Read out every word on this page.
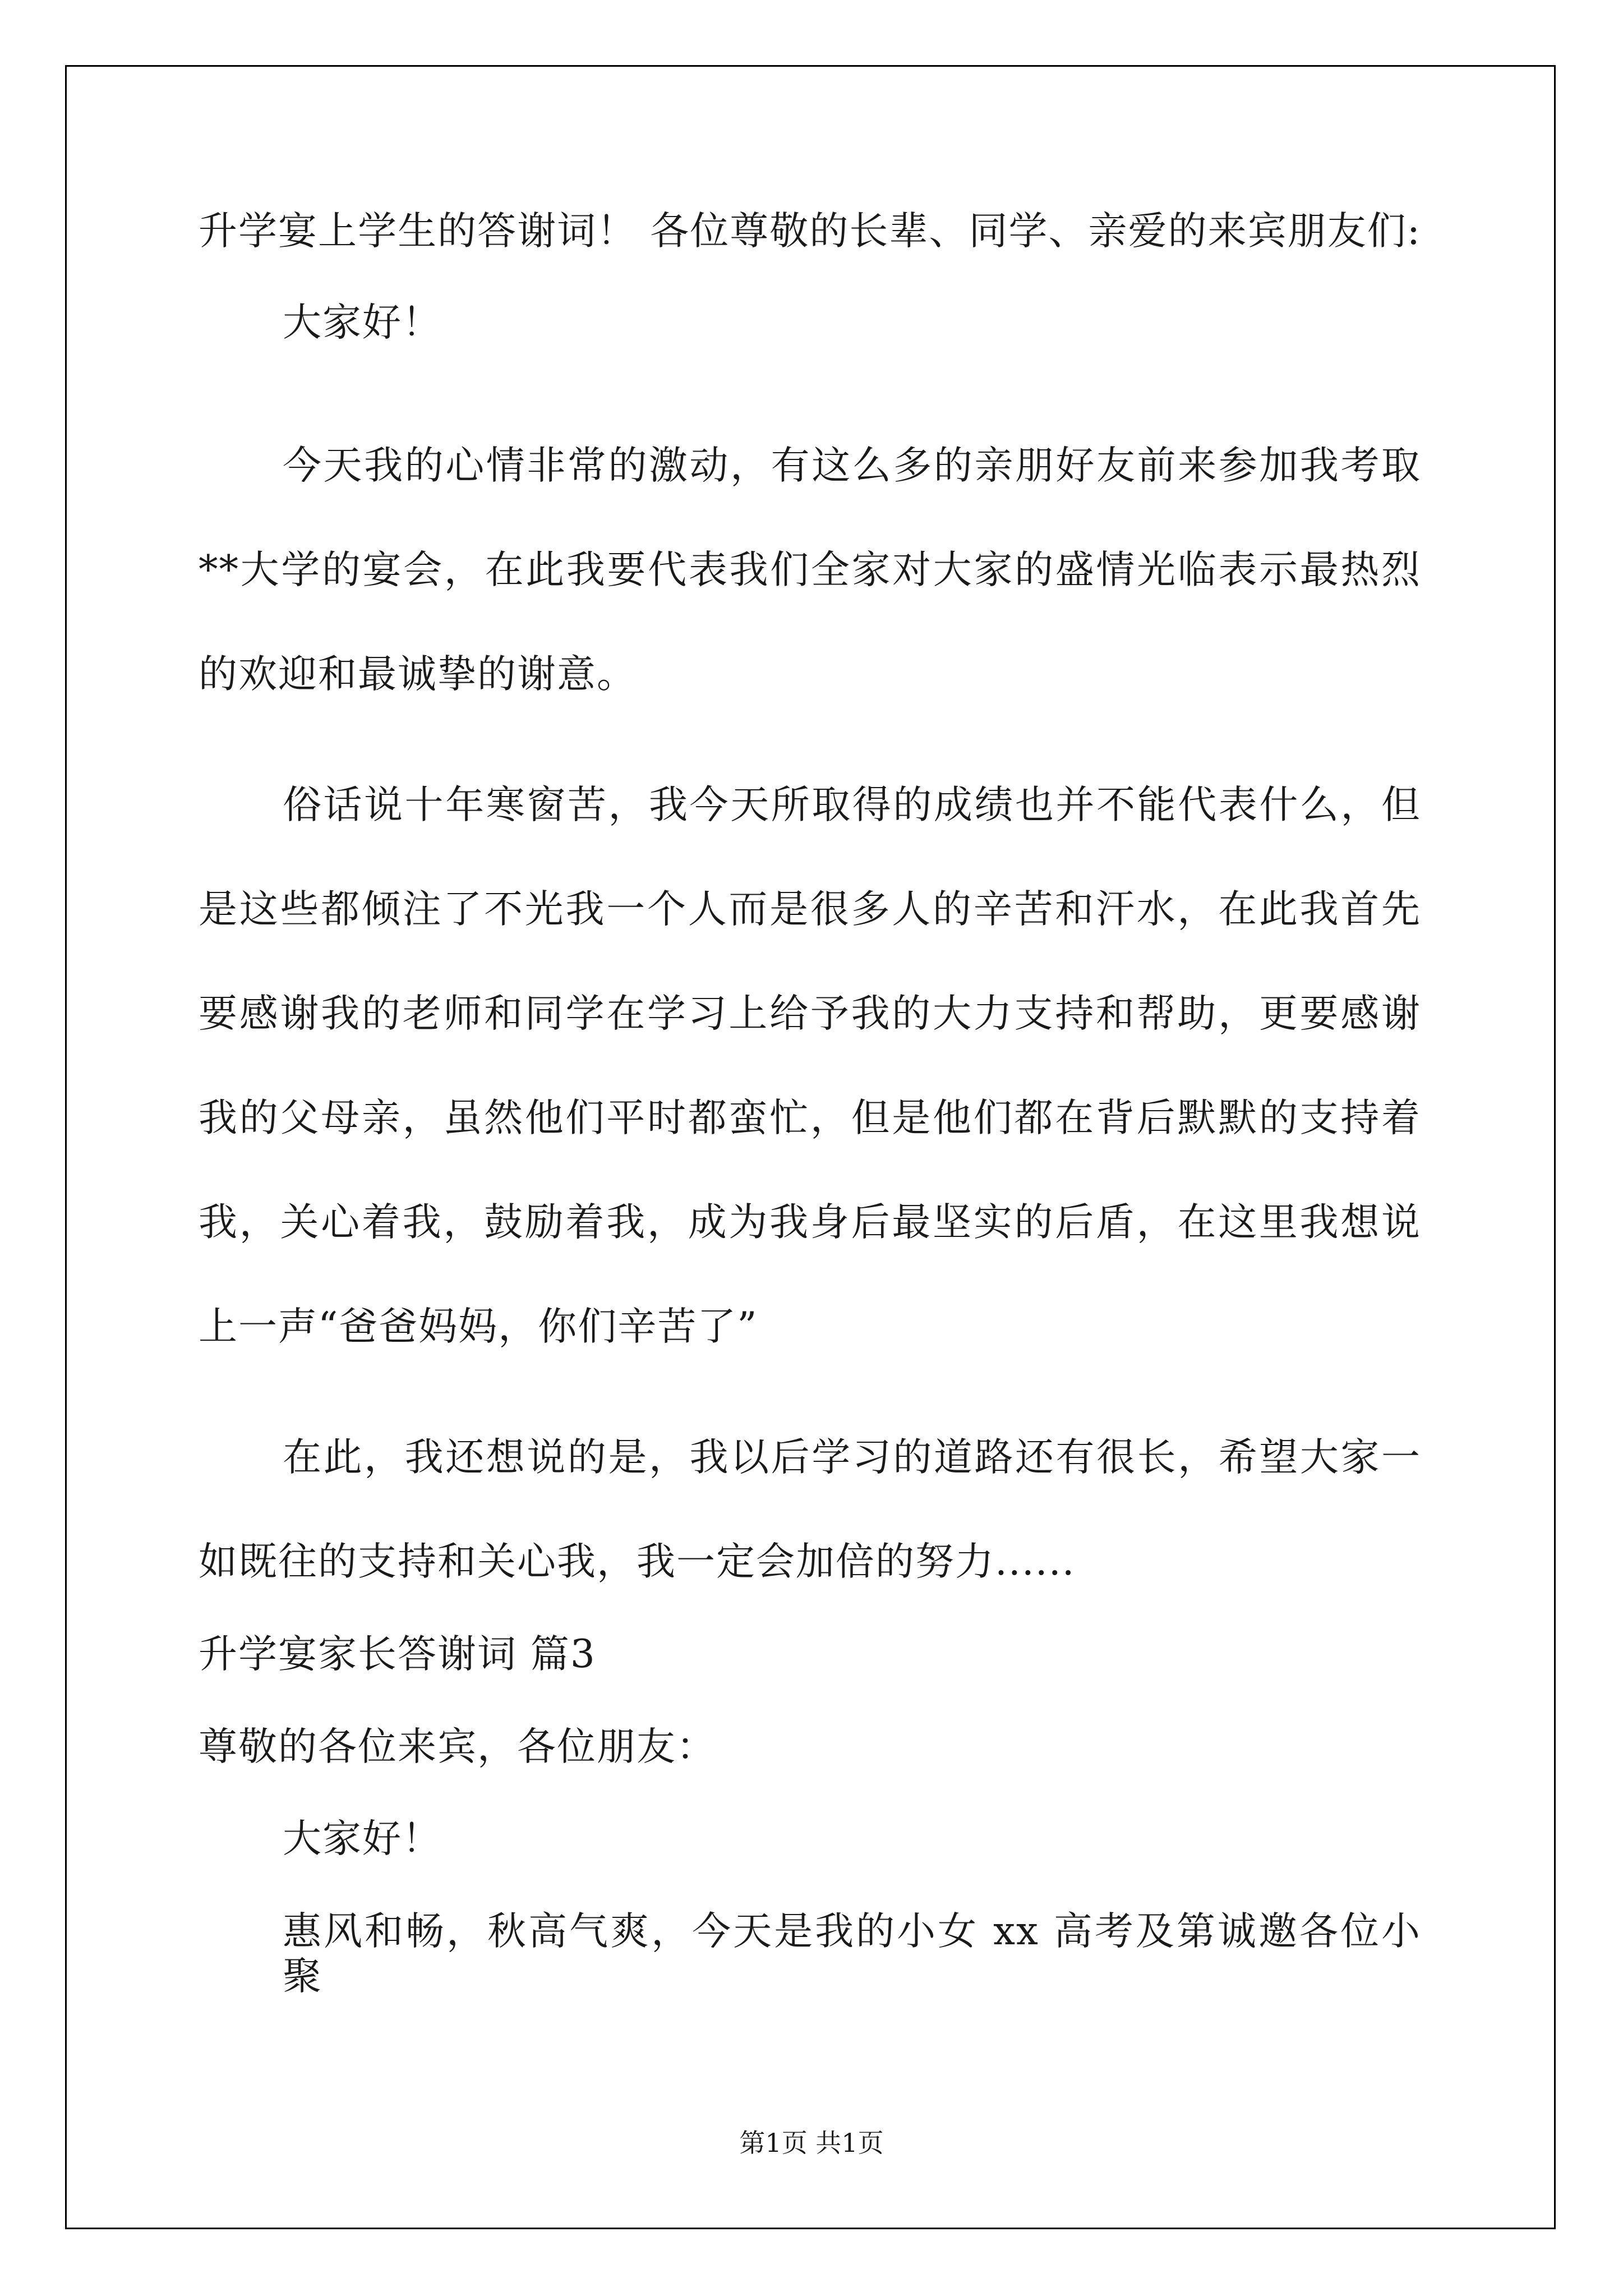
升学宴上学生的答谢词！ 各位尊敬的长辈、同学、亲爱的来宾朋友们:
大家好！
今天我的心情非常的激动，有这么多的亲朋好友前来参加我考取
**大学的宴会，在此我要代表我们全家对大家的盛情光临表示最热烈
的欢迎和最诚挚的谢意。
俗话说十年寒窗苦，我今天所取得的成绩也并不能代表什么，但
是这些都倾注了不光我一个人而是很多人的辛苦和汗水，在此我首先
要感谢我的老师和同学在学习上给予我的大力支持和帮助，更要感谢
我的父母亲，虽然他们平时都蛮忙，但是他们都在背后默默的支持着
我，关心着我，鼓励着我，成为我身后最坚实的后盾，在这里我想说
上一声“爸爸妈妈，你们辛苦了”
在此，我还想说的是，我以后学习的道路还有很长，希望大家一
如既往的支持和关心我，我一定会加倍的努力......
升学宴家长答谢词 篇3
尊敬的各位来宾，各位朋友：
大家好！
惠风和畅，秋高气爽，今天是我的小女 xx 高考及第诚邀各位小聚
第1页 共1页
